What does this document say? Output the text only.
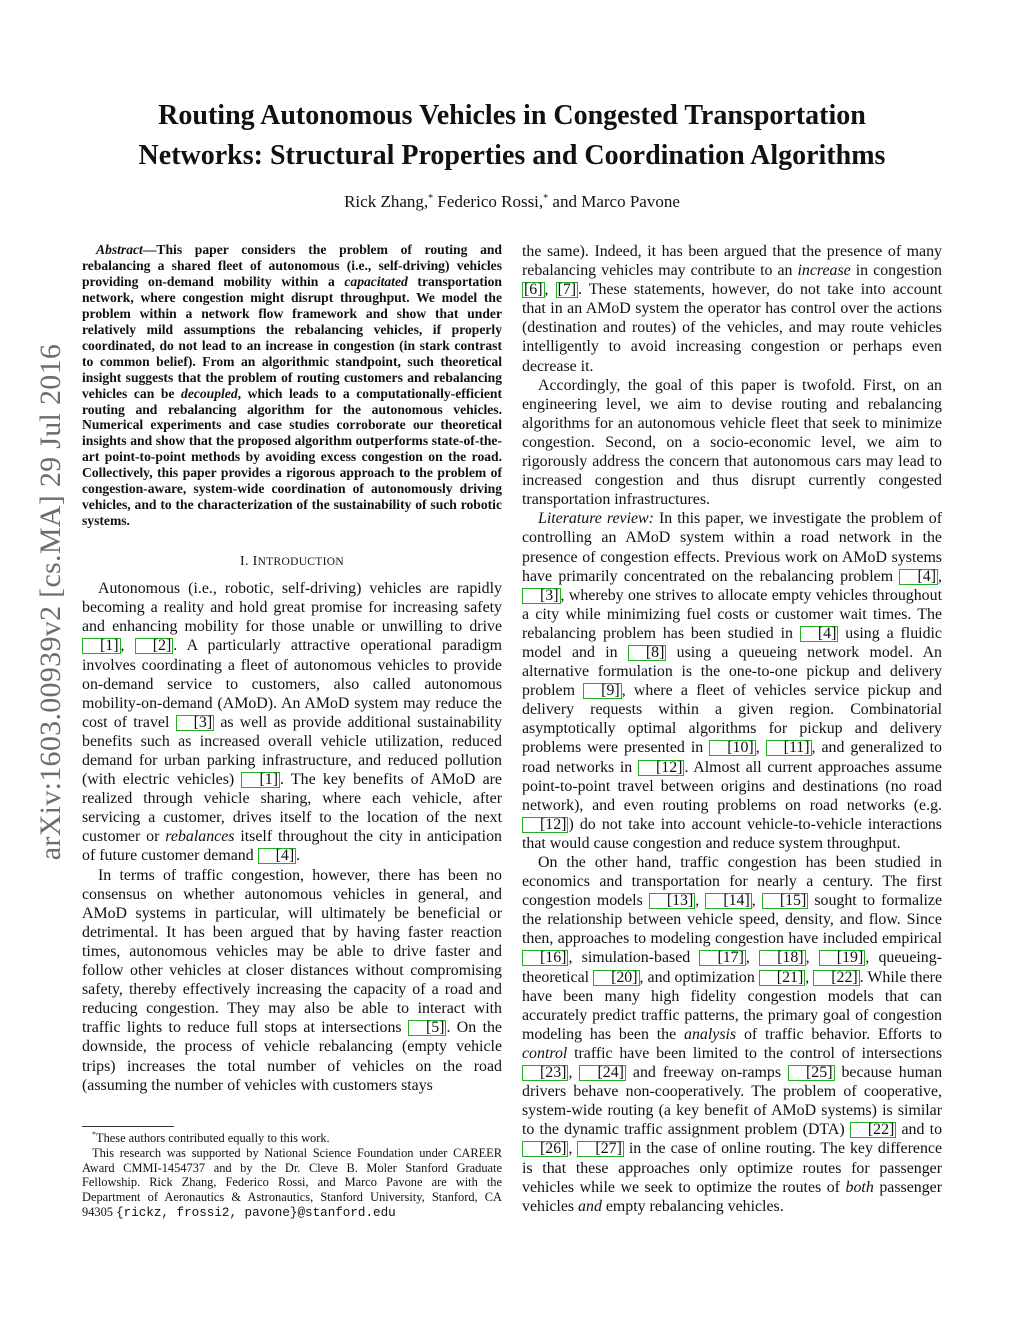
Routing Autonomous Vehicles in Congested Transportation
Networks: Structural Properties and Coordination Algorithms
Rick Zhang,* Federico Rossi,* and Marco Pavone
arXiv:1603.00939v2 [cs.MA] 29 Jul 2016

Abstract—This paper considers the problem of routing and rebalancing a shared fleet of autonomous (i.e., self-driving) vehicles providing on-demand mobility within a capacitated transportation network, where congestion might disrupt throughput. We model the problem within a network flow framework and show that under relatively mild assumptions the rebalancing vehicles, if properly coordinated, do not lead to an increase in congestion (in stark contrast to common belief). From an algorithmic standpoint, such theoretical insight suggests that the problem of routing customers and rebalancing vehicles can be decoupled, which leads to a computationally-efficient routing and rebalancing algorithm for the autonomous vehicles. Numerical experiments and case studies corroborate our theoretical insights and show that the proposed algorithm outperforms state-of-the-art point-to-point methods by avoiding excess congestion on the road. Collectively, this paper provides a rigorous approach to the problem of congestion-aware, system-wide coordination of autonomously driving vehicles, and to the characterization of the sustainability of such robotic systems.

I. INTRODUCTION

Autonomous (i.e., robotic, self-driving) vehicles are rapidly becoming a reality and hold great promise for increasing safety and enhancing mobility for those unable or unwilling to drive [1] , [2] . A particularly attractive operational paradigm involves coordinating a fleet of autonomous vehicles to provide on-demand service to customers, also called autonomous mobility-on-demand (AMoD). An AMoD system may reduce the cost of travel [3] as well as provide additional sustainability benefits such as increased overall vehicle utilization, reduced demand for urban parking infrastructure, and reduced pollution (with electric vehicles) [1] . The key benefits of AMoD are realized through vehicle sharing, where each vehicle, after servicing a customer, drives itself to the location of the next customer or rebalances itself throughout the city in anticipation of future customer demand [4] .

In terms of traffic congestion, however, there has been no consensus on whether autonomous vehicles in general, and AMoD systems in particular, will ultimately be beneficial or detrimental. It has been argued that by having faster reaction times, autonomous vehicles may be able to drive faster and follow other vehicles at closer distances without compromising safety, thereby effectively increasing the capacity of a road and reducing congestion. They may also be able to interact with traffic lights to reduce full stops at intersections [5] . On the downside, the process of vehicle rebalancing (empty vehicle trips) increases the total number of vehicles on the road (assuming the number of vehicles with customers stays

*These authors contributed equally to this work.

This research was supported by National Science Foundation under CAREER Award CMMI-1454737 and by the Dr. Cleve B. Moler Stanford Graduate Fellowship. Rick Zhang, Federico Rossi, and Marco Pavone are with the Department of Aeronautics & Astronautics, Stanford University, Stanford, CA 94305 {rickz, frossi2, pavone}@stanford.edu

the same). Indeed, it has been argued that the presence of many rebalancing vehicles may contribute to an increase in congestion [6] , [7] . These statements, however, do not take into account that in an AMoD system the operator has control over the actions (destination and routes) of the vehicles, and may route vehicles intelligently to avoid increasing congestion or perhaps even decrease it.

Accordingly, the goal of this paper is twofold. First, on an engineering level, we aim to devise routing and rebalancing algorithms for an autonomous vehicle fleet that seek to minimize congestion. Second, on a socio-economic level, we aim to rigorously address the concern that autonomous cars may lead to increased congestion and thus disrupt currently congested transportation infrastructures.

Literature review: In this paper, we investigate the problem of controlling an AMoD system within a road network in the presence of congestion effects. Previous work on AMoD systems have primarily concentrated on the rebalancing problem [4] , [3] , whereby one strives to allocate empty vehicles throughout a city while minimizing fuel costs or customer wait times. The rebalancing problem has been studied in [4] using a fluidic model and in [8] using a queueing network model. An alternative formulation is the one-to-one pickup and delivery problem [9] , where a fleet of vehicles service pickup and delivery requests within a given region. Combinatorial asymptotically optimal algorithms for pickup and delivery problems were presented in [10] , [11] , and generalized to road networks in [12] . Almost all current approaches assume point-to-point travel between origins and destinations (no road network), and even routing problems on road networks (e.g. [12] ) do not take into account vehicle-to-vehicle interactions that would cause congestion and reduce system throughput.

On the other hand, traffic congestion has been studied in economics and transportation for nearly a century. The first congestion models [13] , [14] , [15] sought to formalize the relationship between vehicle speed, density, and flow. Since then, approaches to modeling congestion have included empirical [16] , simulation-based [17] , [18] , [19] , queueing-theoretical [20] , and optimization [21] , [22] . While there have been many high fidelity congestion models that can accurately predict traffic patterns, the primary goal of congestion modeling has been the analysis of traffic behavior. Efforts to control traffic have been limited to the control of intersections [23] , [24] and freeway on-ramps [25] because human drivers behave non-cooperatively. The problem of cooperative, system-wide routing (a key benefit of AMoD systems) is similar to the dynamic traffic assignment problem (DTA) [22] and to [26] , [27] in the case of online routing. The key difference is that these approaches only optimize routes for passenger vehicles while we seek to optimize the routes of both passenger vehicles and empty rebalancing vehicles.
